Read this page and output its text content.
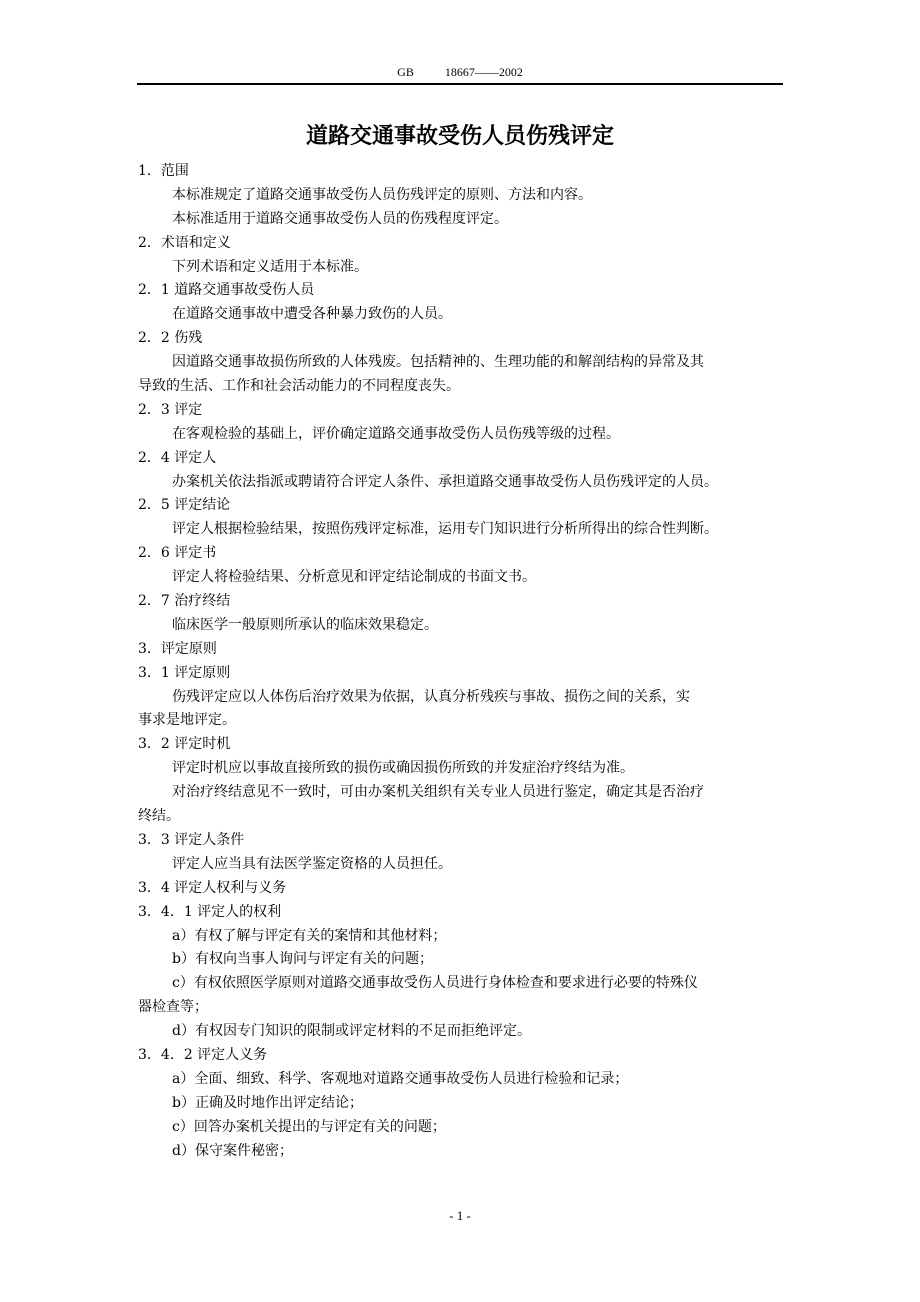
GB	18667——2002
道路交通事故受伤人员伤残评定
1．范围
本标准规定了道路交通事故受伤人员伤残评定的原则、方法和内容。
本标准适用于道路交通事故受伤人员的伤残程度评定。
2．术语和定义
下列术语和定义适用于本标准。
2．1 道路交通事故受伤人员
在道路交通事故中遭受各种暴力致伤的人员。
2．2 伤残
因道路交通事故损伤所致的人体残废。包括精神的、生理功能的和解剖结构的异常及其
导致的生活、工作和社会活动能力的不同程度丧失。
2．3 评定
在客观检验的基础上，评价确定道路交通事故受伤人员伤残等级的过程。
2．4 评定人
办案机关依法指派或聘请符合评定人条件、承担道路交通事故受伤人员伤残评定的人员。
2．5 评定结论
评定人根据检验结果，按照伤残评定标准，运用专门知识进行分析所得出的综合性判断。
2．6 评定书
评定人将检验结果、分析意见和评定结论制成的书面文书。
2．7 治疗终结
临床医学一般原则所承认的临床效果稳定。
3．评定原则
3．1 评定原则
伤残评定应以人体伤后治疗效果为依据，认真分析残疾与事故、损伤之间的关系，实
事求是地评定。
3．2 评定时机
评定时机应以事故直接所致的损伤或确因损伤所致的并发症治疗终结为准。
对治疗终结意见不一致时，可由办案机关组织有关专业人员进行鉴定，确定其是否治疗
终结。
3．3 评定人条件
评定人应当具有法医学鉴定资格的人员担任。
3．4 评定人权利与义务
3．4．1 评定人的权利
a）有权了解与评定有关的案情和其他材料；
b）有权向当事人询问与评定有关的问题；
c）有权依照医学原则对道路交通事故受伤人员进行身体检查和要求进行必要的特殊仪
器检查等；
d）有权因专门知识的限制或评定材料的不足而拒绝评定。
3．4．2 评定人义务
a）全面、细致、科学、客观地对道路交通事故受伤人员进行检验和记录；
b）正确及时地作出评定结论；
c）回答办案机关提出的与评定有关的问题；
d）保守案件秘密；
- 1 -
